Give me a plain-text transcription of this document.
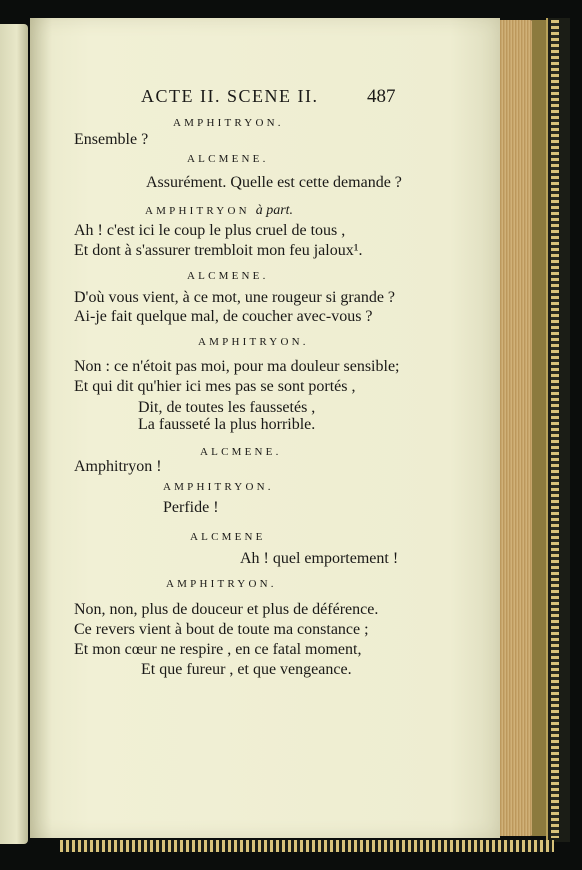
ACTE II. SCENE II.	487
AMPHITRYON.
Ensemble ?
ALCMENE.
Assurément. Quelle est cette demande ?
AMPHITRYON à part.
Ah ! c'est ici le coup le plus cruel de tous ,
Et dont à s'assurer trembloit mon feu jaloux¹.
ALCMENE.
D'où vous vient, à ce mot, une rougeur si grande ?
Ai-je fait quelque mal, de coucher avec-vous ?
AMPHITRYON.
Non : ce n'étoit pas moi, pour ma douleur sensible;
Et qui dit qu'hier ici mes pas se sont portés ,
Dit, de toutes les faussetés ,
La fausseté la plus horrible.
ALCMENE.
Amphitryon !
AMPHITRYON.
Perfide !
ALCMENE
Ah ! quel emportement !
AMPHITRYON.
Non, non, plus de douceur et plus de déférence.
Ce revers vient à bout de toute ma constance ;
Et mon cœur ne respire , en ce fatal moment,
Et que fureur , et que vengeance.
